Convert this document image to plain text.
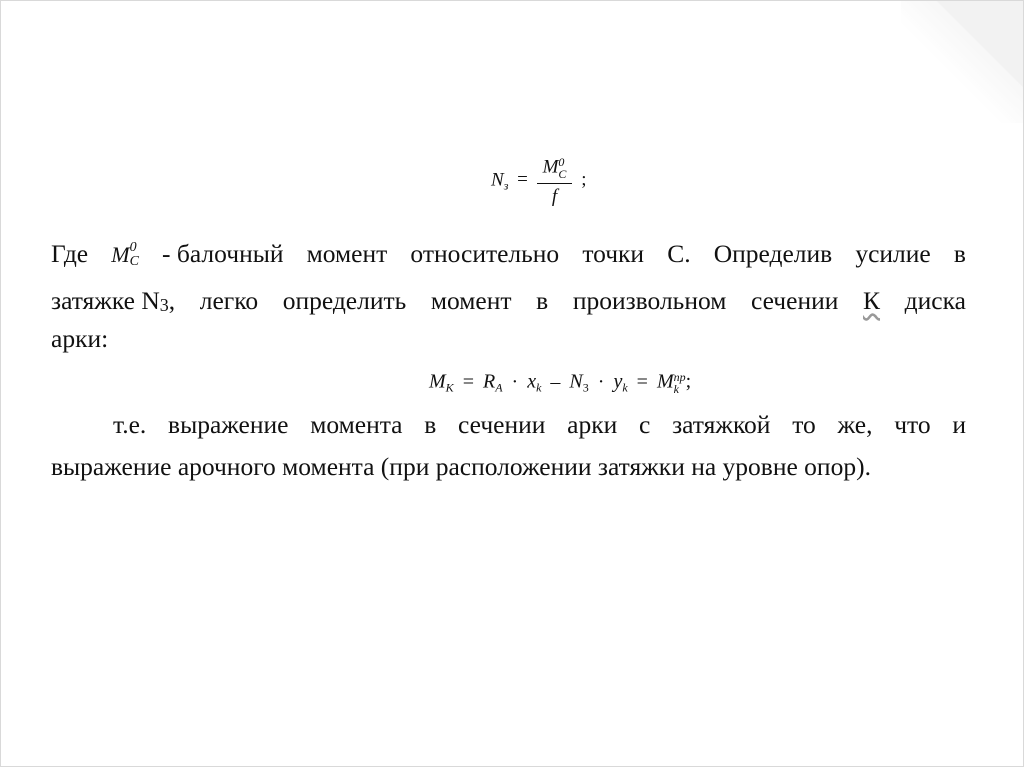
$N_з = M$ 0
C
f ;
Где M 0
C - балочный момент относительно точки С. Определив усилие в
затяжке N3, легко определить момент в произвольном сечении К диска
арки:
$M_K = R_A \cdot x_k - N_3 \cdot y_k = M$ пр
k ;
т.е. выражение момента в сечении арки с затяжкой то же, что и
выражение арочного момента (при расположении затяжки на уровне опор).
